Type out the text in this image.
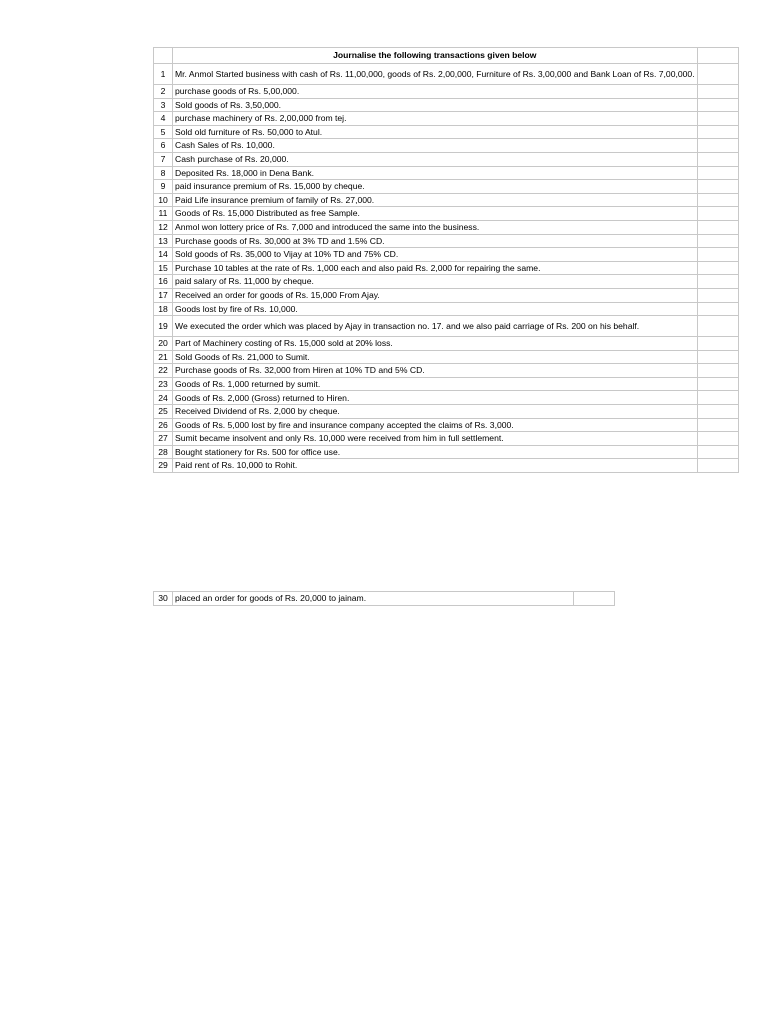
	Journalise the following transactions given below	
1	Mr. Anmol Started business with cash of Rs. 11,00,000, goods of Rs. 2,00,000, Furniture of Rs. 3,00,000 and Bank Loan of Rs. 7,00,000.	
2	purchase goods of Rs. 5,00,000.	
3	Sold goods of Rs. 3,50,000.	
4	purchase machinery of Rs. 2,00,000 from tej.	
5	Sold old furniture of Rs. 50,000 to Atul.	
6	Cash Sales of Rs. 10,000.	
7	Cash purchase of Rs. 20,000.	
8	Deposited Rs. 18,000 in Dena Bank.	
9	paid insurance premium of Rs. 15,000 by cheque.	
10	Paid Life insurance premium of family of Rs. 27,000.	
11	Goods of Rs. 15,000 Distributed as free Sample.	
12	Anmol won lottery price of Rs. 7,000 and introduced the same into the business.	
13	Purchase goods of Rs. 30,000 at 3% TD and 1.5% CD.	
14	Sold goods of Rs. 35,000 to Vijay at 10% TD and 75% CD.	
15	Purchase 10 tables at the rate of Rs. 1,000 each and also paid Rs. 2,000 for repairing the same.	
16	paid salary of Rs. 11,000 by cheque.	
17	Received an order for goods of Rs. 15,000 From Ajay.	
18	Goods lost by fire of Rs. 10,000.	
19	We executed the order which was placed by Ajay in transaction no. 17. and we also paid carriage of Rs. 200 on his behalf.	
20	Part of Machinery costing of Rs. 15,000 sold at 20% loss.	
21	Sold Goods of Rs. 21,000 to Sumit.	
22	Purchase goods of Rs. 32,000 from Hiren at 10% TD and 5% CD.	
23	Goods of Rs. 1,000 returned by sumit.	
24	Goods of Rs. 2,000 (Gross) returned to Hiren.	
25	Received Dividend of Rs. 2,000 by cheque.	
26	Goods of Rs. 5,000 lost by fire and insurance company accepted the claims of Rs. 3,000.	
27	Sumit became insolvent and only Rs. 10,000 were received from him in full settlement.	
28	Bought stationery for Rs. 500 for office use.	
29	Paid rent of Rs. 10,000 to Rohit.	
30	placed an order for goods of Rs. 20,000 to jainam.	
